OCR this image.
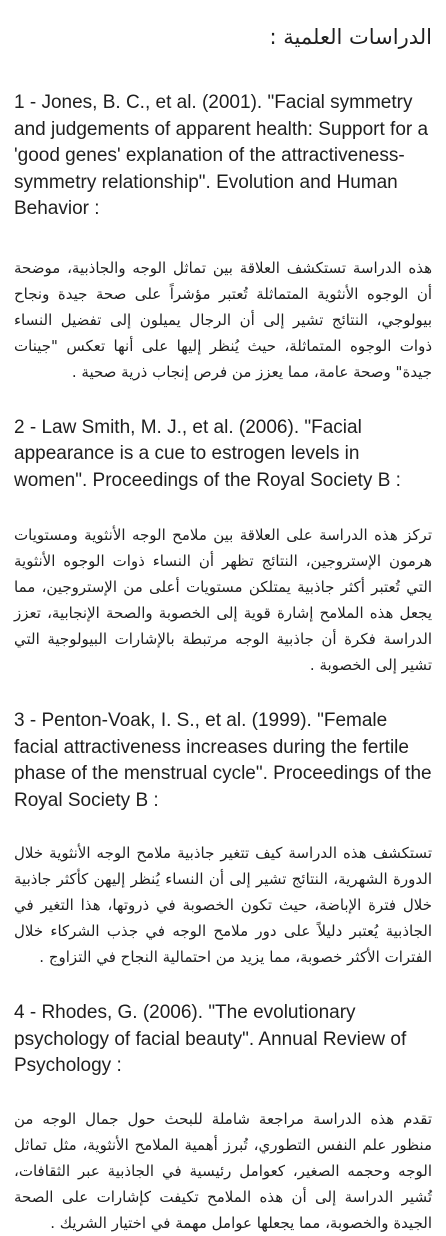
الدراسات العلمية :

1 - Jones, B. C., et al. (2001). "Facial symmetry and judgements of apparent health: Support for a 'good genes' explanation of the attractiveness-symmetry relationship". Evolution and Human Behavior :

هذه الدراسة تستكشف العلاقة بين تماثل الوجه والجاذبية، موضحة أن الوجوه الأنثوية المتماثلة تُعتبر مؤشراً على صحة جيدة ونجاح بيولوجي، النتائج تشير إلى أن الرجال يميلون إلى تفضيل النساء ذوات الوجوه المتماثلة، حيث يُنظر إليها على أنها تعكس "جينات جيدة" وصحة عامة، مما يعزز من فرص إنجاب ذرية صحية .

2 - Law Smith, M. J., et al. (2006). "Facial appearance is a cue to estrogen levels in women". Proceedings of the Royal Society B :

تركز هذه الدراسة على العلاقة بين ملامح الوجه الأنثوية ومستويات هرمون الإستروجين، النتائج تظهر أن النساء ذوات الوجوه الأنثوية التي تُعتبر أكثر جاذبية يمتلكن مستويات أعلى من الإستروجين، مما يجعل هذه الملامح إشارة قوية إلى الخصوبة والصحة الإنجابية، تعزز الدراسة فكرة أن جاذبية الوجه مرتبطة بالإشارات البيولوجية التي تشير إلى الخصوبة .

3 - Penton-Voak, I. S., et al. (1999). "Female facial attractiveness increases during the fertile phase of the menstrual cycle". Proceedings of the Royal Society B :

تستكشف هذه الدراسة كيف تتغير جاذبية ملامح الوجه الأنثوية خلال الدورة الشهرية، النتائج تشير إلى أن النساء يُنظر إليهن كأكثر جاذبية خلال فترة الإباضة، حيث تكون الخصوبة في ذروتها، هذا التغير في الجاذبية يُعتبر دليلاً على دور ملامح الوجه في جذب الشركاء خلال الفترات الأكثر خصوبة، مما يزيد من احتمالية النجاح في التزاوج .

4 - Rhodes, G. (2006). "The evolutionary psychology of facial beauty". Annual Review of Psychology :

تقدم هذه الدراسة مراجعة شاملة للبحث حول جمال الوجه من منظور علم النفس التطوري، تُبرز أهمية الملامح الأنثوية، مثل تماثل الوجه وحجمه الصغير، كعوامل رئيسية في الجاذبية عبر الثقافات، تُشير الدراسة إلى أن هذه الملامح تكيفت كإشارات على الصحة الجيدة والخصوبة، مما يجعلها عوامل مهمة في اختيار الشريك .
